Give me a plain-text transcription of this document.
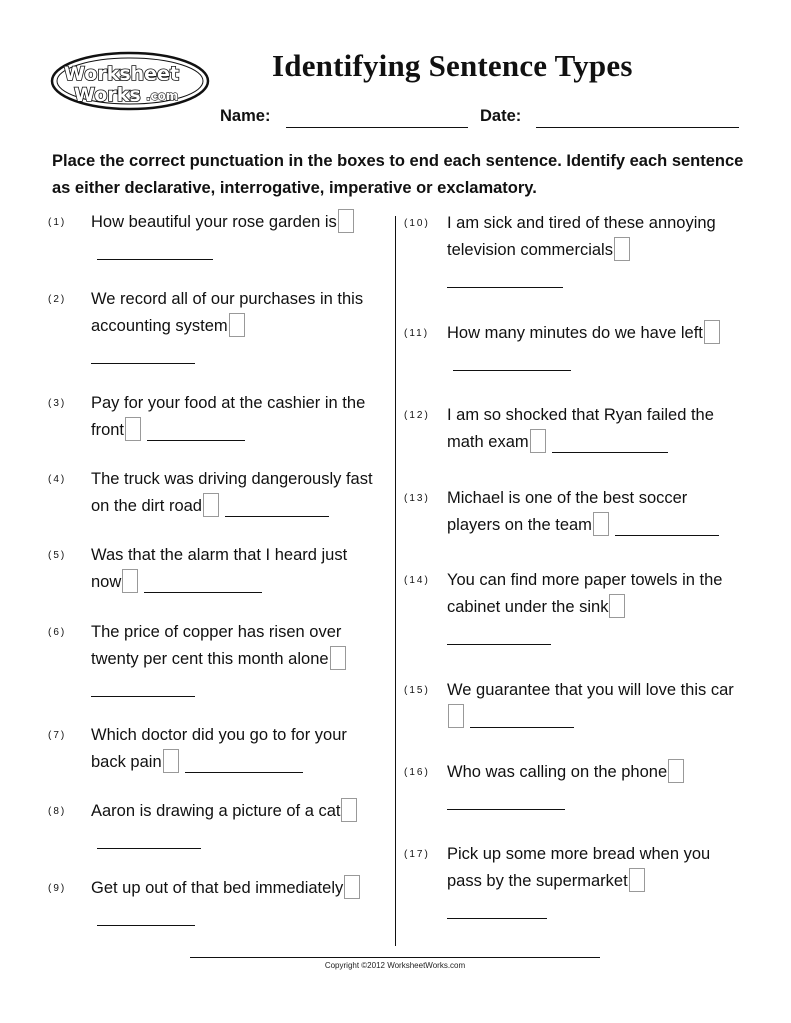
Worksheet
Works .com
Identifying Sentence Types
Name:	Date:
Place the correct punctuation in the boxes to end each sentence. Identify each sentence as either declarative, interrogative, imperative or exclamatory.
(1) How beautiful your rose garden is
(2) We record all of our purchases in this accounting system
(3) Pay for your food at the cashier in the front
(4) The truck was driving dangerously fast on the dirt road
(5) Was that the alarm that I heard just now
(6) The price of copper has risen over twenty per cent this month alone
(7) Which doctor did you go to for your back pain
(8) Aaron is drawing a picture of a cat
(9) Get up out of that bed immediately
(10) I am sick and tired of these annoying television commercials
(11) How many minutes do we have left
(12) I am so shocked that Ryan failed the math exam
(13) Michael is one of the best soccer players on the team
(14) You can find more paper towels in the cabinet under the sink
(15) We guarantee that you will love this car
(16) Who was calling on the phone
(17) Pick up some more bread when you pass by the supermarket
Copyright ©2012 WorksheetWorks.com
